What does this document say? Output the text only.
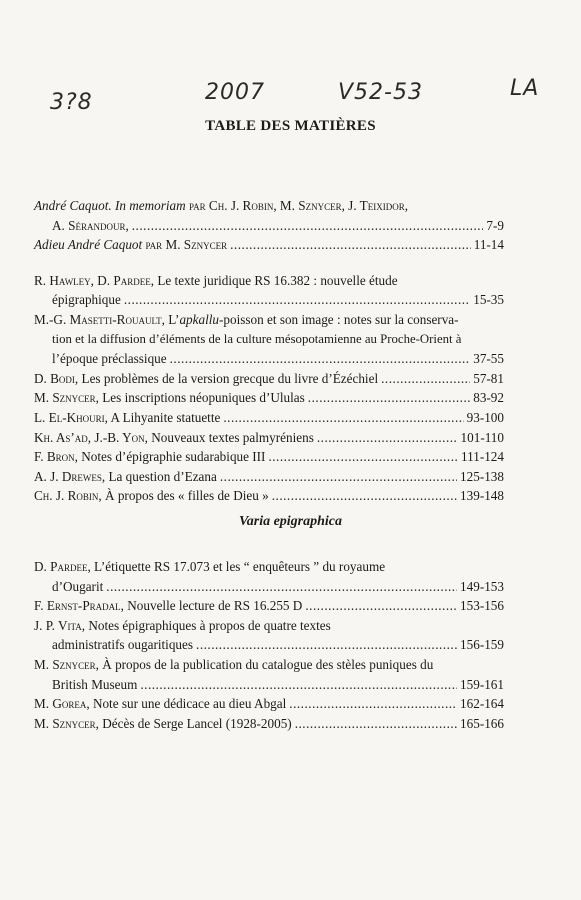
3?8	2007	V52-53	LA
TABLE DES MATIÈRES
André Caquot. In memoriam par Ch. J. Robin, M. Sznycer, J. Teixidor,
A. Sérandour, .....	7-9
Adieu André Caquot par M. Sznycer .....	11-14
R. Hawley, D. Pardee, Le texte juridique RS 16.382 : nouvelle étude
épigraphique .....	15-35
M.-G. Masetti-Rouault, L’apkallu-poisson et son image : notes sur la conserva-
tion et la diffusion d’éléments de la culture mésopotamienne au Proche-Orient à
l’époque préclassique .....	37-55
D. Bodi, Les problèmes de la version grecque du livre d’Ézéchiel .....	57-81
M. Sznycer, Les inscriptions néopuniques d’Ululas .....	83-92
L. El-Khouri, A Lihyanite statuette .....	93-100
Kh. As’ad, J.-B. Yon, Nouveaux textes palmyréniens .....	101-110
F. Bron, Notes d’épigraphie sudarabique III .....	111-124
A. J. Drewes, La question d’Ezana .....	125-138
Ch. J. Robin, À propos des « filles de Dieu » .....	139-148
Varia epigraphica
D. Pardee, L’étiquette RS 17.073 et les “ enquêteurs ” du royaume
d’Ougarit .....	149-153
F. Ernst-Pradal, Nouvelle lecture de RS 16.255 D .....	153-156
J. P. Vita, Notes épigraphiques à propos de quatre textes
administratifs ougaritiques .....	156-159
M. Sznycer, À propos de la publication du catalogue des stèles puniques du
British Museum .....	159-161
M. Gorea, Note sur une dédicace au dieu Abgal .....	162-164
M. Sznycer, Décès de Serge Lancel (1928-2005) .....	165-166
